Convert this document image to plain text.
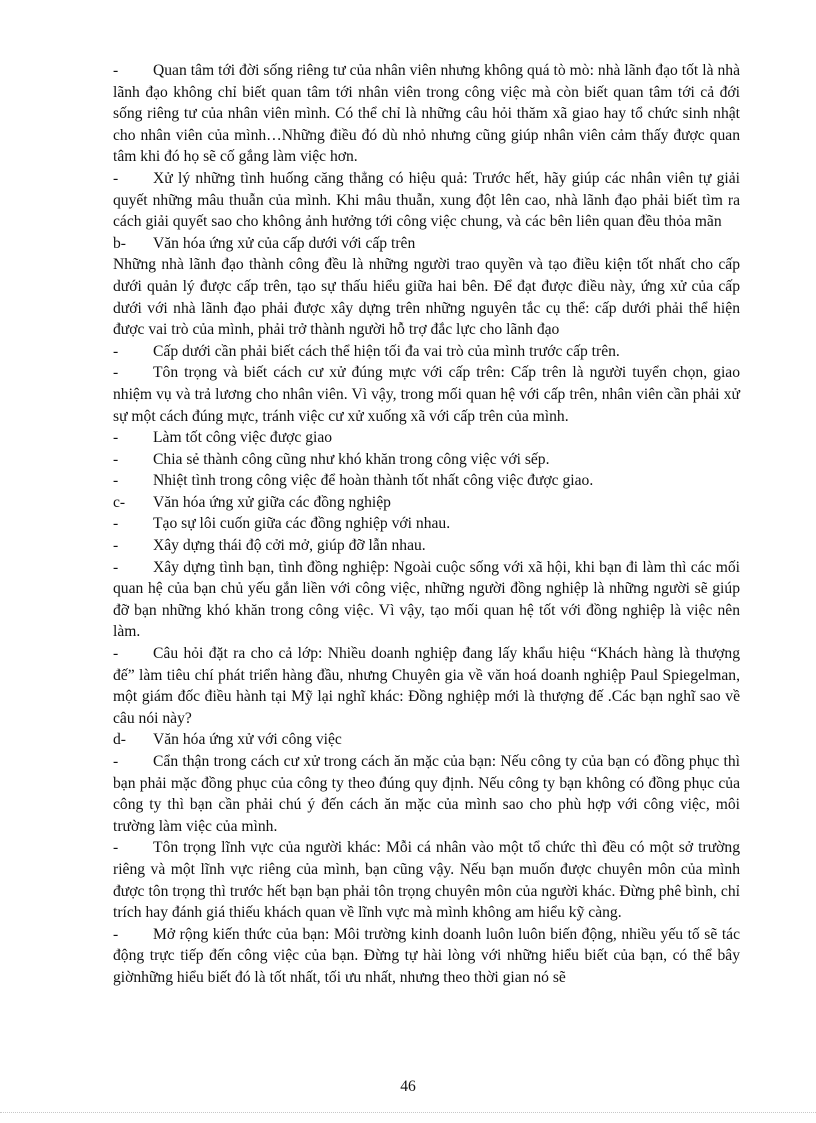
- Quan tâm tới đời sống riêng tư của nhân viên nhưng không quá tò mò: nhà lãnh đạo tốt là nhà lãnh đạo không chỉ biết quan tâm tới nhân viên trong công việc mà còn biết quan tâm tới cả đới sống riêng tư của nhân viên mình. Có thể chỉ là những câu hỏi thăm xã giao hay tổ chức sinh nhật cho nhân viên của mình…Những điều đó dù nhỏ nhưng cũng giúp nhân viên cảm thấy được quan tâm khi đó họ sẽ cố gắng làm việc hơn.

- Xử lý những tình huống căng thẳng có hiệu quả: Trước hết, hãy giúp các nhân viên tự giải quyết những mâu thuẫn của mình. Khi mâu thuẫn, xung đột lên cao, nhà lãnh đạo phải biết tìm ra cách giải quyết sao cho không ảnh hưởng tới công việc chung, và các bên liên quan đều thỏa mãn

b- Văn hóa ứng xử của cấp dưới với cấp trên

Những nhà lãnh đạo thành công đều là những người trao quyền và tạo điều kiện tốt nhất cho cấp dưới quản lý được cấp trên, tạo sự thấu hiểu giữa hai bên. Để đạt được điều này, ứng xử của cấp dưới với nhà lãnh đạo phải được xây dựng trên những nguyên tắc cụ thể: cấp dưới phải thể hiện được vai trò của mình, phải trở thành người hỗ trợ đắc lực cho lãnh đạo

- Cấp dưới cần phải biết cách thể hiện tối đa vai trò của mình trước cấp trên.

- Tôn trọng và biết cách cư xử đúng mực với cấp trên: Cấp trên là người tuyển chọn, giao nhiệm vụ và trả lương cho nhân viên. Vì vậy, trong mối quan hệ với cấp trên, nhân viên cần phải xử sự một cách đúng mực, tránh việc cư xử xuống xã với cấp trên của mình.

- Làm tốt công việc được giao

- Chia sẻ thành công cũng như khó khăn trong công việc với sếp.

- Nhiệt tình trong công việc để hoàn thành tốt nhất công việc được giao.

c- Văn hóa ứng xử giữa các đồng nghiệp

- Tạo sự lôi cuốn giữa các đồng nghiệp với nhau.

- Xây dựng thái độ cởi mở, giúp đỡ lẫn nhau.

- Xây dựng tình bạn, tình đồng nghiệp: Ngoài cuộc sống với xã hội, khi bạn đi làm thì các mối quan hệ của bạn chủ yếu gắn liền với công việc, những người đồng nghiệp là những người sẽ giúp đỡ bạn những khó khăn trong công việc. Vì vậy, tạo mối quan hệ tốt với đồng nghiệp là việc nên làm.

- Câu hỏi đặt ra cho cả lớp: Nhiều doanh nghiệp đang lấy khẩu hiệu “Khách hàng là thượng đế” làm tiêu chí phát triển hàng đầu, nhưng Chuyên gia về văn hoá doanh nghiệp Paul Spiegelman, một giám đốc điều hành tại Mỹ lại nghĩ khác: Đồng nghiệp mới là thượng đế .Các bạn nghĩ sao về câu nói này?

d- Văn hóa ứng xử với công việc

- Cẩn thận trong cách cư xử trong cách ăn mặc của bạn: Nếu công ty của bạn có đồng phục thì bạn phải mặc đồng phục của công ty theo đúng quy định. Nếu công ty bạn không có đồng phục của công ty thì bạn cần phải chú ý đến cách ăn mặc của mình sao cho phù hợp với công việc, môi trường làm việc của mình.

- Tôn trọng lĩnh vực của người khác: Mỗi cá nhân vào một tổ chức thì đều có một sở trường riêng và một lĩnh vực riêng của mình, bạn cũng vậy. Nếu bạn muốn được chuyên môn của mình được tôn trọng thì trước hết bạn bạn phải tôn trọng chuyên môn của người khác. Đừng phê bình, chỉ trích hay đánh giá thiếu khách quan về lĩnh vực mà mình không am hiểu kỹ càng.

- Mở rộng kiến thức của bạn: Môi trường kinh doanh luôn luôn biến động, nhiều yếu tố sẽ tác động trực tiếp đến công việc của bạn. Đừng tự hài lòng với những hiểu biết của bạn, có thể bây giờnhững hiểu biết đó là tốt nhất, tối ưu nhất, nhưng theo thời gian nó sẽ

46
